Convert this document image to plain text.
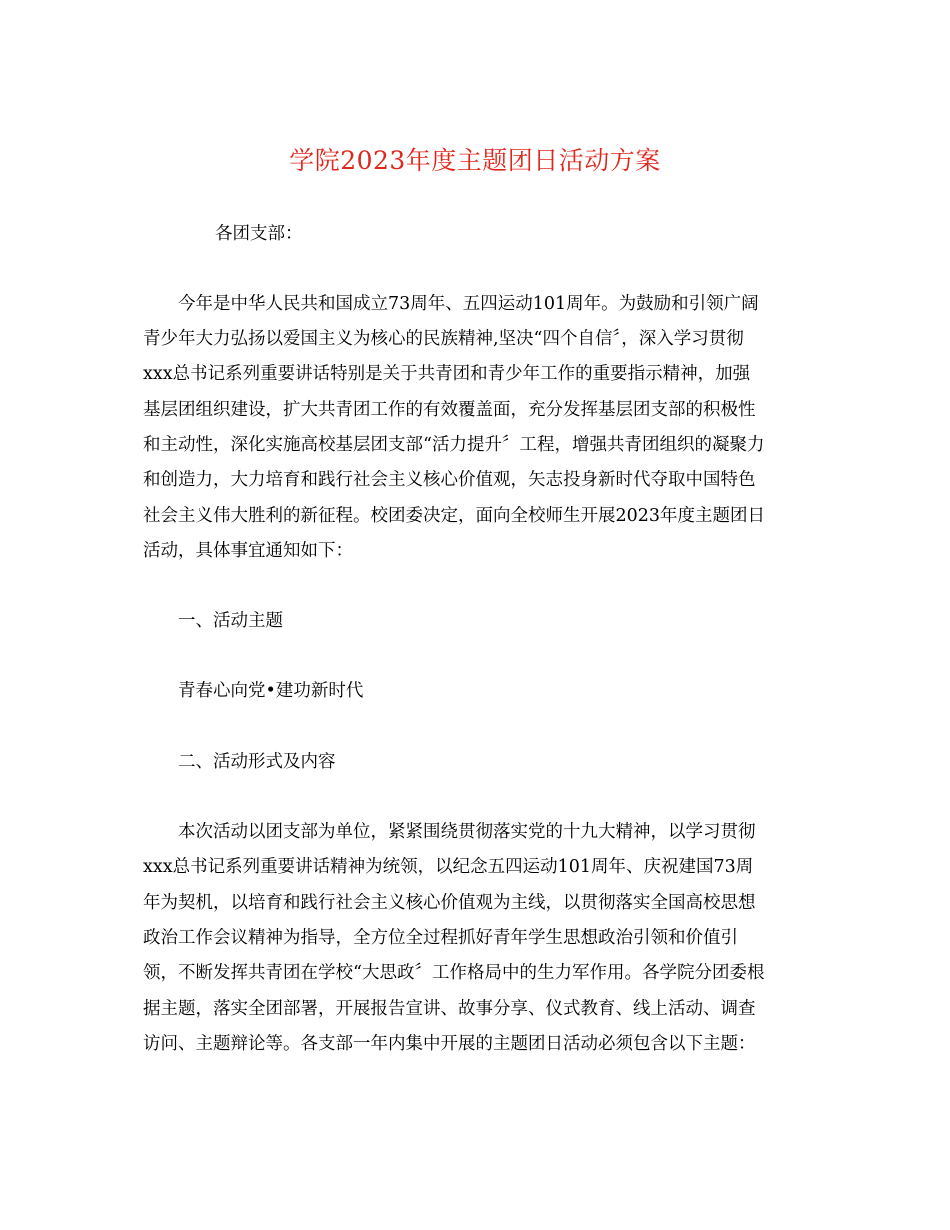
学院2023年度主题团日活动方案
各团支部：
今年是中华人民共和国成立73周年、五四运动101周年。为鼓励和引领广阔
青少年大力弘扬以爱国主义为核心的民族精神,坚决“四个自信〞，深入学习贯彻
xxx总书记系列重要讲话特别是关于共青团和青少年工作的重要指示精神，加强
基层团组织建设，扩大共青团工作的有效覆盖面，充分发挥基层团支部的积极性
和主动性，深化实施高校基层团支部“活力提升〞工程，增强共青团组织的凝聚力
和创造力，大力培育和践行社会主义核心价值观，矢志投身新时代夺取中国特色
社会主义伟大胜利的新征程。校团委决定，面向全校师生开展2023年度主题团日
活动，具体事宜通知如下：
一、活动主题
青春心向党•建功新时代
二、活动形式及内容
本次活动以团支部为单位，紧紧围绕贯彻落实党的十九大精神，以学习贯彻
xxx总书记系列重要讲话精神为统领，以纪念五四运动101周年、庆祝建国73周
年为契机，以培育和践行社会主义核心价值观为主线，以贯彻落实全国高校思想
政治工作会议精神为指导，全方位全过程抓好青年学生思想政治引领和价值引
领，不断发挥共青团在学校“大思政〞工作格局中的生力军作用。各学院分团委根
据主题，落实全团部署，开展报告宣讲、故事分享、仪式教育、线上活动、调查
访问、主题辩论等。各支部一年内集中开展的主题团日活动必须包含以下主题：
